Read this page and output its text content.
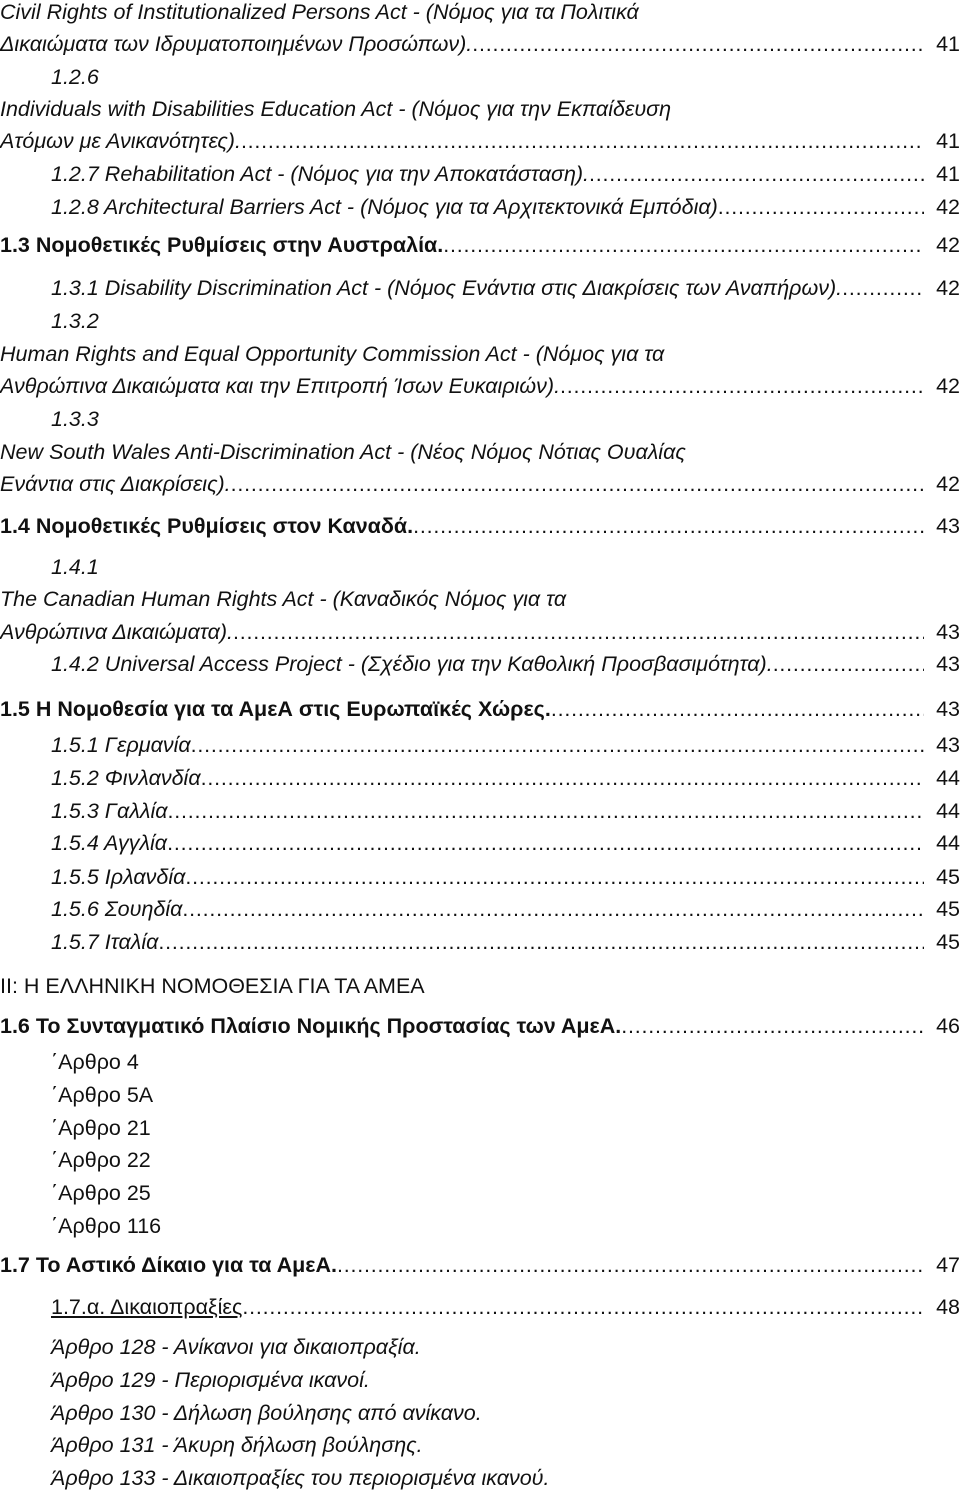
Civil Rights of Institutionalized Persons Act - (Νόμος για τα Πολιτικά
Δικαιώματα των Ιδρυματοποιημένων Προσώπων). . . .	41
1.2.6
Individuals with Disabilities Education Act - (Νόμος για την Εκπαίδευση
Ατόμων με Ανικανότητες). . . .	41
1.2.7 Rehabilitation Act - (Νόμος για την Αποκατάσταση). . . .	41
1.2.8 Architectural Barriers Act - (Νόμος για τα Αρχιτεκτονικά Εμπόδια) . . .	42
1.3 Νομοθετικές Ρυθμίσεις στην Αυστραλία. . . .	42
1.3.1 Disability Discrimination Act - (Νόμος Ενάντια στις Διακρίσεις των Αναπήρων). . . .	42
1.3.2
Human Rights and Equal Opportunity Commission Act - (Νόμος για τα
Ανθρώπινα Δικαιώματα και την Επιτροπή Ίσων Ευκαιριών). . . .	42
1.3.3
New South Wales Anti-Discrimination Act - (Νέος Νόμος Νότιας Ουαλίας
Ενάντια στις Διακρίσεις). . . .	42
1.4 Νομοθετικές Ρυθμίσεις στον Καναδά. . . .	43
1.4.1
The Canadian Human Rights Act - (Καναδικός Νόμος για τα
Ανθρώπινα Δικαιώματα). . . .	43
1.4.2 Universal Access Project - (Σχέδιο για την Καθολική Προσβασιμότητα). . . .	43
1.5 Η Νομοθεσία για τα ΑμεΑ στις Ευρωπαϊκές Χώρες. . . .	43
1.5.1 Γερμανία . . .	43
1.5.2 Φινλανδία . . .	44
1.5.3 Γαλλία . . .	44
1.5.4 Αγγλία . . .	44
1.5.5 Ιρλανδία . . .	45
1.5.6 Σουηδία . . .	45
1.5.7 Ιταλία . . .	45
ΙΙ: Η ΕΛΛΗΝΙΚΗ ΝΟΜΟΘΕΣΙΑ ΓΙΑ ΤΑ ΑΜΕΑ
1.6 Το Συνταγματικό Πλαίσιο Νομικής Προστασίας των ΑμεΑ. . . .	46
΄Αρθρο 4
΄Αρθρο 5Α
΄Αρθρο 21
΄Αρθρο 22
΄Αρθρο 25
΄Αρθρο 116
1.7 Το Αστικό Δίκαιο για τα ΑμεΑ. . . .	47
1.7.α. Δικαιοπραξίες . . .	48
Άρθρο 128 - Ανίκανοι για δικαιοπραξία.
Άρθρο 129 - Περιορισμένα ικανοί.
Άρθρο 130 - Δήλωση βούλησης από ανίκανο.
Άρθρο 131 - Άκυρη δήλωση βούλησης.
Άρθρο 133 - Δικαιοπραξίες του περιορισμένα ικανού.
